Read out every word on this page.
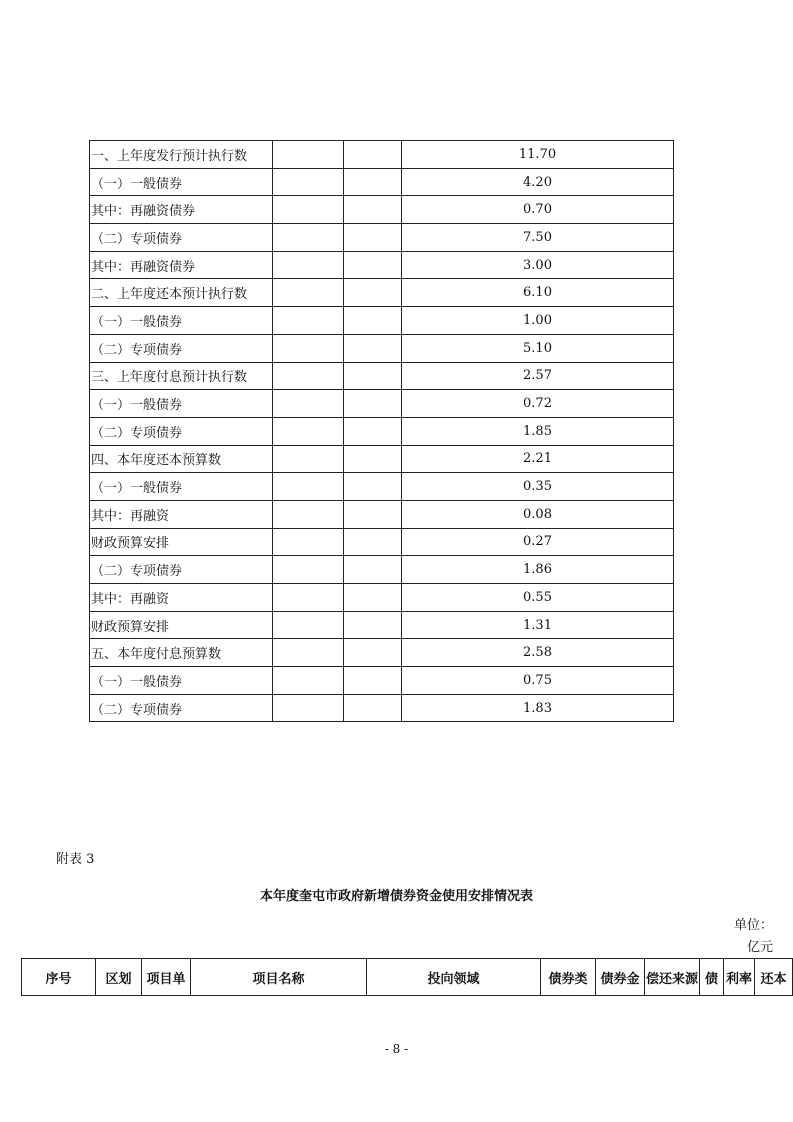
一、上年度发行预计执行数			11.70
（一）一般债券			4.20
其中：再融资债券			0.70
（二）专项债券			7.50
其中：再融资债券			3.00
二、上年度还本预计执行数			6.10
（一）一般债券			1.00
（二）专项债券			5.10
三、上年度付息预计执行数			2.57
（一）一般债券			0.72
（二）专项债券			1.85
四、本年度还本预算数			2.21
（一）一般债券			0.35
其中：再融资			0.08
财政预算安排			0.27
（二）专项债券			1.86
其中：再融资			0.55
财政预算安排			1.31
五、本年度付息预算数			2.58
（一）一般债券			0.75
（二）专项债券			1.83
附表 3
本年度奎屯市政府新增债券资金使用安排情况表
单位：
亿元
序号	区划	项目单	项目名称	投向领域	债券类	债券金	偿还来源	债	利率	还本
- 8 -
